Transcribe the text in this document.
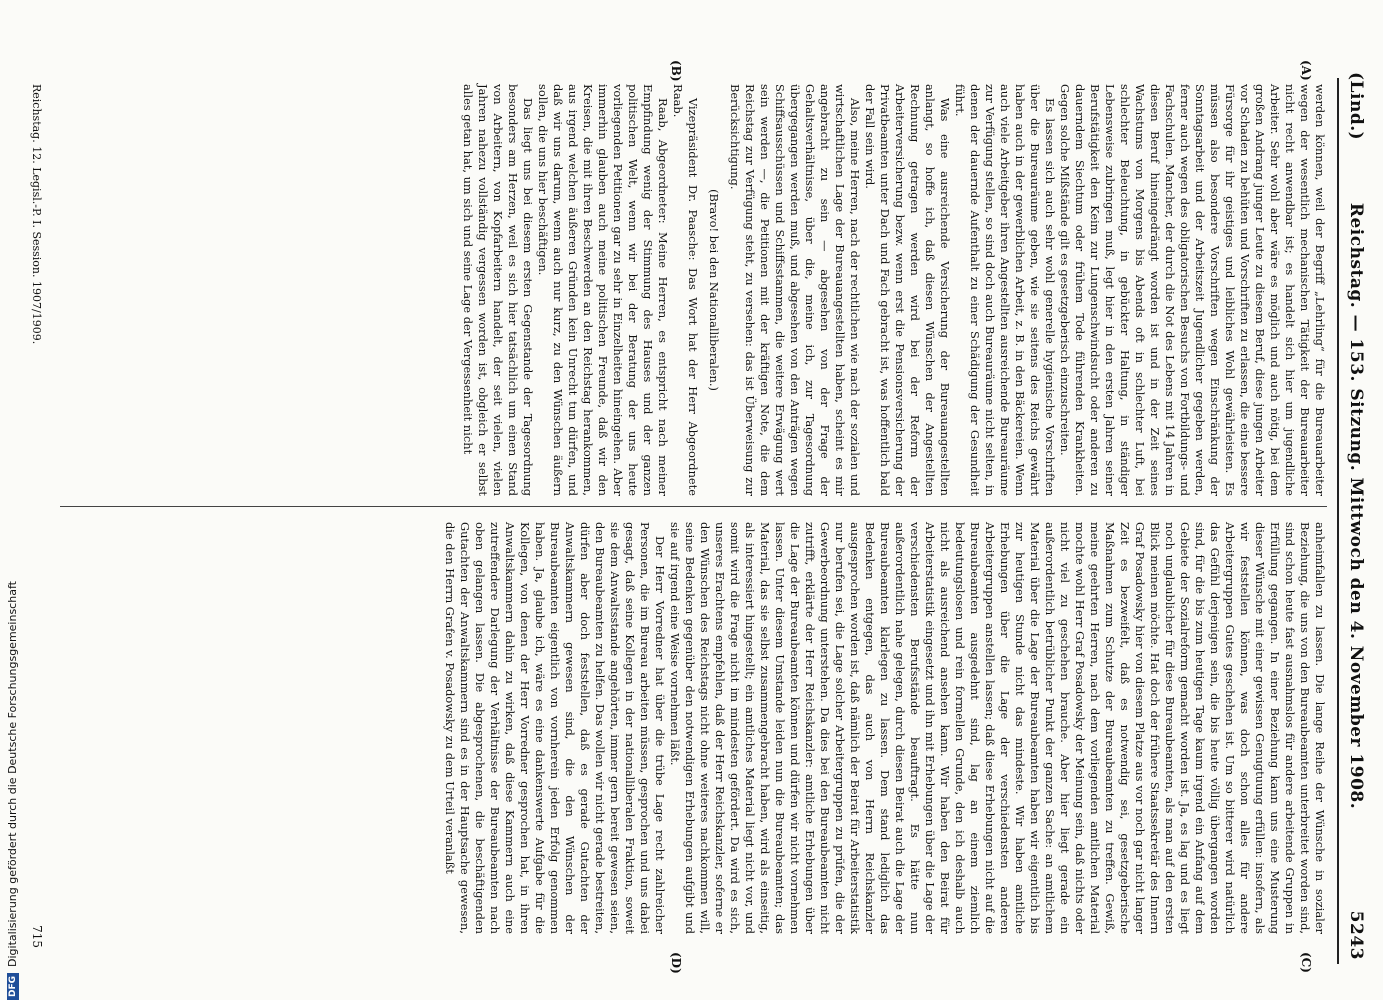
(Lind.)
Reichstag. — 153. Sitzung. Mittwoch den 4. November 1908.
5243
(A)
(B)
(C)
(D)

werden können, weil der Begriff „Lehrling“ für die Bureauarbeiter wegen der wesentlich mechanischen Tätigkeit der Bureauarbeiter nicht recht anwendbar ist; es handelt sich hier um jugendliche Arbeiter. Sehr wohl aber wäre es möglich und auch nötig, bei dem großen Andrang junger Leute zu diesem Beruf, diese jungen Arbeiter vor Schaden zu behüten und Vorschriften zu erlassen, die eine bessere Fürsorge für ihr geistiges und leibliches Wohl gewährleisten. Es müssen also besondere Vorschriften wegen Einschränkung der Sonntagsarbeit und der Arbeitszeit Jugendlicher gegeben werden, ferner auch wegen des obligatorischen Besuchs von Fortbildungs- und Fachschulen. Mancher, der durch die Not des Lebens mit 14 Jahren in diesen Beruf hineingedrängt worden ist und in der Zeit seines Wachstums von Morgens bis Abends oft in schlechter Luft, bei schlechter Beleuchtung, in gebückter Haltung, in ständiger Lebensweise zubringen muß, legt hier in den ersten Jahren seiner Berufstätigkeit den Keim zur Lungenschwindsucht oder anderen zu dauerndem Siechtum oder frühem Tode führenden Krankheiten. Gegen solche Mißstände gilt es gesetzgeberisch einzuschreiten.

Es lassen sich auch sehr wohl generelle hygienische Vorschriften über die Bureauräume geben, wie sie seitens des Reichs gewährt haben auch in der gewerblichen Arbeit, z. B. in den Bäckereien. Wenn auch viele Arbeitgeber ihren Angestellten ausreichende Bureauräume zur Verfügung stellen, so sind doch auch Bureauräume nicht selten, in denen der dauernde Aufenthalt zu einer Schädigung der Gesundheit führt.

Was eine ausreichende Versicherung der Bureauangestellten anlangt, so hoffe ich, daß diesen Wünschen der Angestellten Rechnung getragen werden wird bei der Reform der Arbeiterversicherung bezw. wenn erst die Pensionsversicherung der Privatbeamten unter Dach und Fach gebracht ist, was hoffentlich bald der Fall sein wird.

Also, meine Herren, nach der rechtlichen wie nach der sozialen und wirtschaftlichen Lage der Bureauangestellten haben, scheint es mir angebracht zu sein — abgesehen von der Frage der Gehaltsverhältnisse, über die, meine ich, zur Tagesordnung übergegangen werden muß, und abgesehen von den Anträgen wegen Schiffsausschüssen und Schiffsstammen, die weitere Erwägung wert sein werden —, die Petitionen mit der kräftigen Note, die dem Reichstag zur Verfügung steht, zu versehen: das ist Überweisung zur Berücksichtigung.

(Bravo! bei den Nationalliberalen.)

Vizepräsident Dr. Paasche: Das Wort hat der Herr Abgeordnete Raab.

Raab, Abgeordneter: Meine Herren, es entspricht nach meiner Empfindung wenig der Stimmung des Hauses und der ganzen politischen Welt, wenn wir bei der Beratung der uns heute vorliegenden Petitionen gar zu sehr in Einzelheiten hineingehen. Aber immerhin glauben auch meine politischen Freunde, daß wir den Kreisen, die mit ihren Beschwerden an den Reichstag herankommen, aus irgend welchen äußeren Gründen kein Unrecht tun dürfen, und daß wir uns darum, wenn auch nur kurz, zu den Wünschen äußern sollen, die uns hier beschäftigen.

Das liegt uns bei diesem ersten Gegenstande der Tagesordnung besonders am Herzen, weil es sich hier tatsächlich um einen Stand von Arbeitern, von Kopfarbeitern handelt, der seit vielen, vielen Jahren nahezu vollständig vergessen worden ist, obgleich er selbst alles getan hat, um sich und seine Lage der Vergessenheit nicht

anheimfallen zu lassen. Die lange Reihe der Wünsche in sozialer Beziehung, die uns von den Bureaubeamten unterbreitet worden sind, sind schon heute fast ausnahmslos für andere arbeitende Gruppen in Erfüllung gegangen. In einer Beziehung kann uns eine Musterung dieser Wünsche mit einer gewissen Genugtuung erfüllen: insofern, als wir feststellen können, was doch schon alles für andere Arbeitergruppen Gutes geschehen ist. Um so bitterer wird natürlich das Gefühl derjenigen sein, die bis heute völlig übergangen worden sind, für die bis zum heutigen Tage kaum irgend ein Anfang auf dem Gebiete der Sozialreform gemacht worden ist. Ja, es lag und es liegt noch unglaublicher für diese Bureaubeamten, als man auf den ersten Blick meinen möchte. Hat doch der frühere Staatssekretär des Innern Graf Posadowsky hier von diesem Platze aus vor noch gar nicht langer Zeit es bezweifelt, daß es notwendig sei, gesetzgeberische Maßnahmen zum Schutze der Bureaubeamten zu treffen. Gewiß, meine geehrten Herren, nach dem vorliegenden amtlichen Material mochte wohl Herr Graf Posadowsky der Meinung sein, daß nichts oder nicht viel zu geschehen brauche. Aber hier liegt gerade ein außerordentlich betrüblicher Punkt der ganzen Sache: an amtlichem Material über die Lage der Bureaubeamten haben wir eigentlich bis zur heutigen Stunde nicht das mindeste. Wir haben amtliche Erhebungen über die Lage der verschiedensten anderen Arbeitergruppen anstellen lassen; daß diese Erhebungen nicht auf die Bureaubeamten ausgedehnt sind, lag an einem ziemlich bedeutungslosen und rein formellen Grunde, den ich deshalb auch nicht als ausreichend ansehen kann. Wir haben den Beirat für Arbeiterstatistik eingesetzt und ihn mit Erhebungen über die Lage der verschiedensten Berufsstände beauftragt. Es hätte nun außerordentlich nahe gelegen, durch diesen Beirat auch die Lage der Bureaubeamten klarlegen zu lassen. Dem stand lediglich das Bedenken entgegen, das auch von Herrn Reichskanzler ausgesprochen worden ist, daß nämlich der Beirat für Arbeiterstatistik nur berufen sei, die Lage solcher Arbeitergruppen zu prüfen, die der Gewerbeordnung unterstehen. Da dies bei den Bureaubeamten nicht zutrifft, erklärte der Herr Reichskanzler: amtliche Erhebungen über die Lage der Bureaubeamten können und dürfen wir nicht vornehmen lassen. Unter diesem Umstande leiden nun die Bureaubeamten; das Material, das sie selbst zusammengebracht haben, wird als einseitig, als interessiert hingestellt; ein amtliches Material liegt nicht vor, und somit wird die Frage nicht im mindesten gefördert. Da wird es sich, unseres Erachtens empfehlen, daß der Herr Reichskanzler, soferne er den Wünschen des Reichstags nicht ohne weiteres nachkommen will, seine Bedenken gegenüber den notwendigen Erhebungen aufgibt und sie auf irgend eine Weise vornehmen läßt.

Der Herr Vorredner hat über die trübe Lage recht zahlreicher Personen, die im Bureau arbeiten müssen, gesprochen und uns dabei gesagt, daß seine Kollegen in der nationalliberalen Fraktion, soweit sie dem Anwaltsstande angehörten, immer gern bereit gewesen seien, den Bureaubeamten zu helfen. Das wollen wir nicht gerade bestreiten, dürfen aber doch feststellen, daß es gerade Gutachten der Anwaltskammern gewesen sind, die den Wünschen der Bureaubeamten eigentlich von vornherein jeden Erfolg genommen haben. Ja, glaube ich, wäre es eine dankenswerte Aufgabe für die Kollegen, von denen der Herr Vorredner gesprochen hat, in ihren Anwaltskammern dahin zu wirken, daß diese Kammern auch eine zutreffendere Darlegung der Verhältnisse der Bureaubeamten nach oben gelangen lassen. Die abgesprochenen, die beschäftigenden Gutachten der Anwaltskammern sind es in der Hauptsache gewesen, die den Herrn Grafen v. Posadowsky zu dem Urteil veranlaßt

Reichstag. 12. Legisl.-P. I. Session. 1907/1909.
715
DFG
Digitalisierung gefördert durch die Deutsche Forschungsgemeinschaft
